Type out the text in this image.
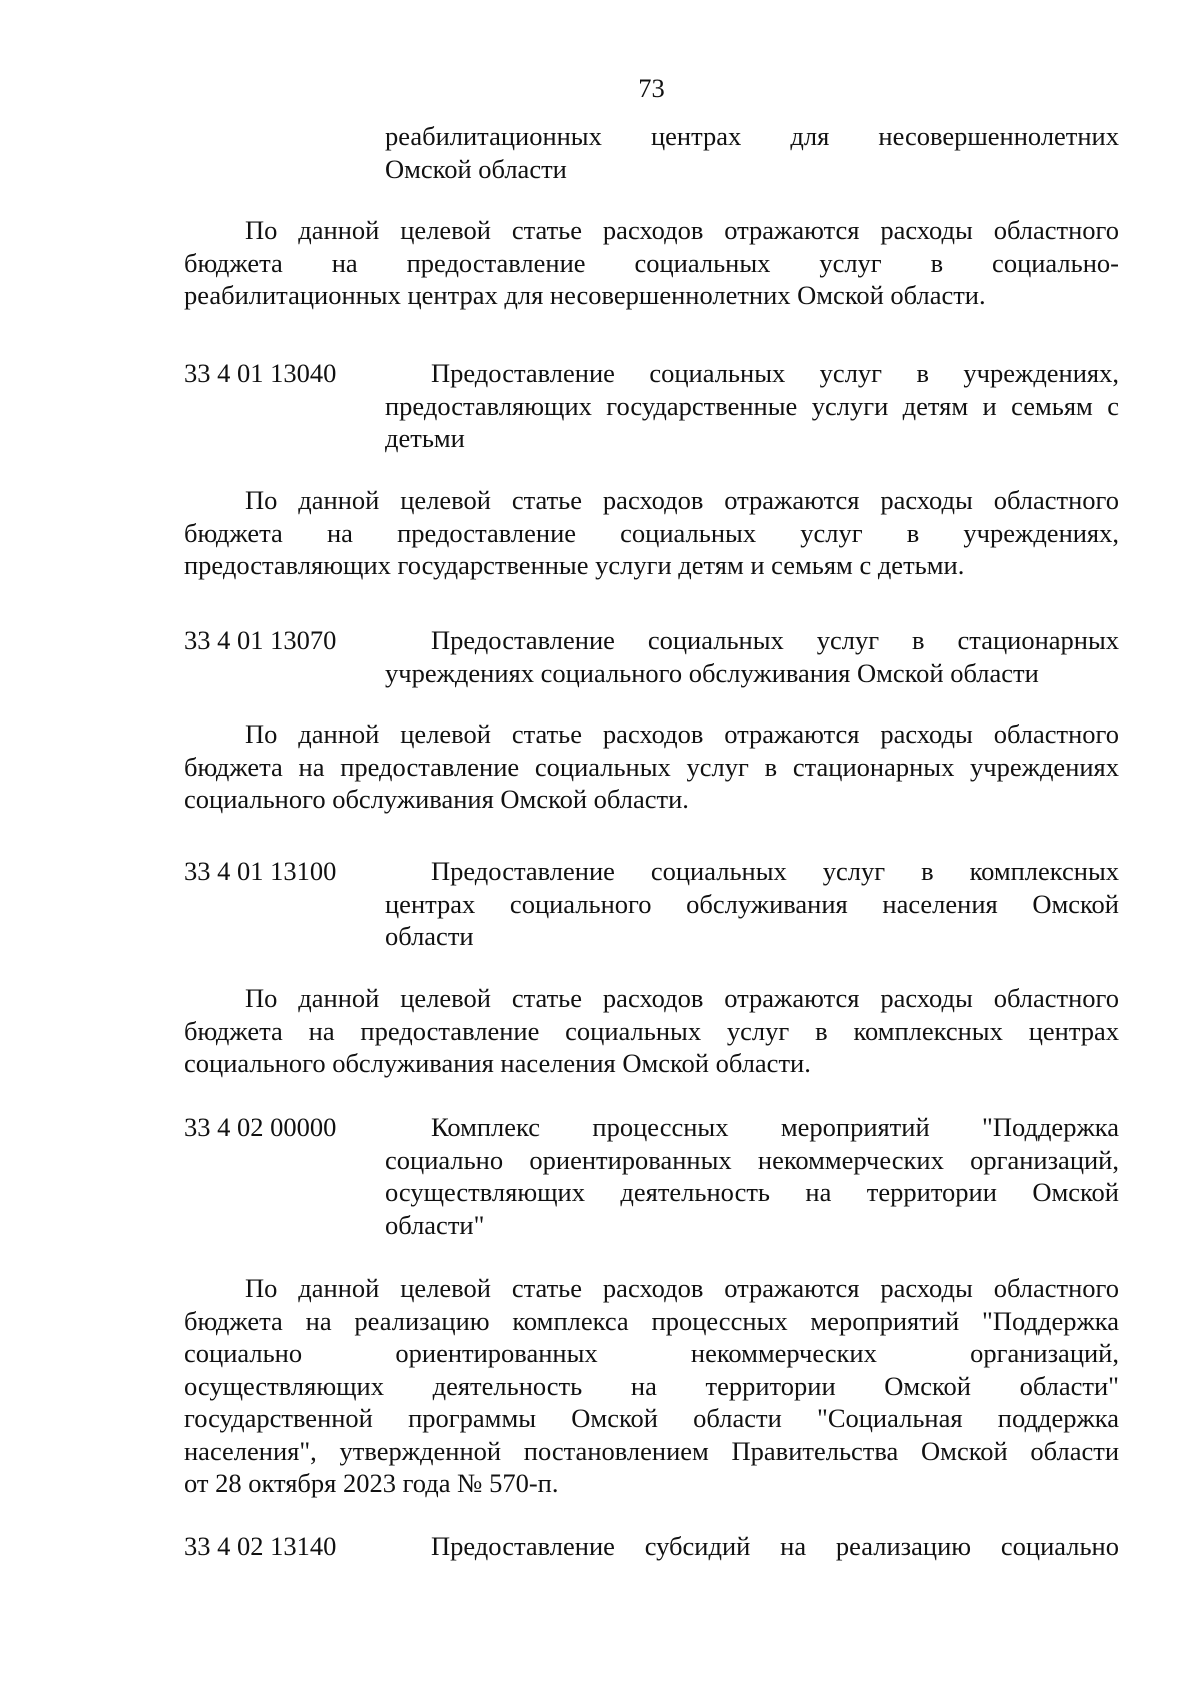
73
реабилитационных центрах для несовершеннолетних
Омской области
По данной целевой статье расходов отражаются расходы областного
бюджета на предоставление социальных услуг в социально-
реабилитационных центрах для несовершеннолетних Омской области.
33 4 01 13040	Предоставление социальных услуг в учреждениях,
предоставляющих государственные услуги детям и семьям с
детьми
По данной целевой статье расходов отражаются расходы областного
бюджета на предоставление социальных услуг в учреждениях,
предоставляющих государственные услуги детям и семьям с детьми.
33 4 01 13070	Предоставление социальных услуг в стационарных
учреждениях социального обслуживания Омской области
По данной целевой статье расходов отражаются расходы областного
бюджета на предоставление социальных услуг в стационарных учреждениях
социального обслуживания Омской области.
33 4 01 13100	Предоставление социальных услуг в комплексных
центрах социального обслуживания населения Омской
области
По данной целевой статье расходов отражаются расходы областного
бюджета на предоставление социальных услуг в комплексных центрах
социального обслуживания населения Омской области.
33 4 02 00000	Комплекс процессных мероприятий "Поддержка
социально ориентированных некоммерческих организаций,
осуществляющих деятельность на территории Омской
области"
По данной целевой статье расходов отражаются расходы областного
бюджета на реализацию комплекса процессных мероприятий "Поддержка
социально ориентированных некоммерческих организаций,
осуществляющих деятельность на территории Омской области"
государственной программы Омской области "Социальная поддержка
населения", утвержденной постановлением Правительства Омской области
от 28 октября 2023 года № 570-п.
33 4 02 13140	Предоставление субсидий на реализацию социально
